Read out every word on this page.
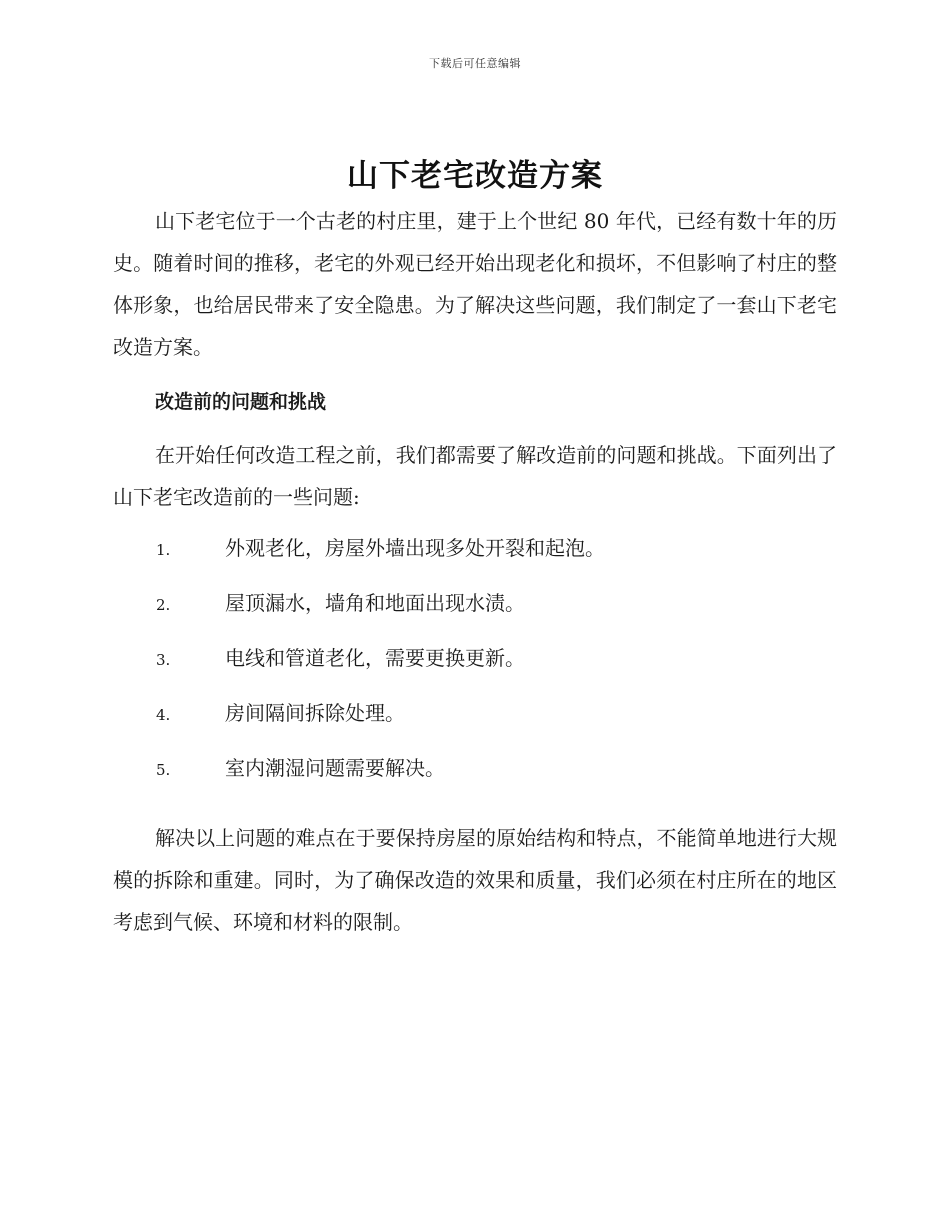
下载后可任意编辑
山下老宅改造方案

山下老宅位于一个古老的村庄里，建于上个世纪 80 年代，已经有数十年的历史。随着时间的推移，老宅的外观已经开始出现老化和损坏，不但影响了村庄的整体形象，也给居民带来了安全隐患。为了解决这些问题，我们制定了一套山下老宅改造方案。

改造前的问题和挑战

在开始任何改造工程之前，我们都需要了解改造前的问题和挑战。下面列出了山下老宅改造前的一些问题:

1.	外观老化，房屋外墙出现多处开裂和起泡。
2.	屋顶漏水，墙角和地面出现水渍。
3.	电线和管道老化，需要更换更新。
4.	房间隔间拆除处理。
5.	室内潮湿问题需要解决。

解决以上问题的难点在于要保持房屋的原始结构和特点，不能简单地进行大规模的拆除和重建。同时，为了确保改造的效果和质量，我们必须在村庄所在的地区考虑到气候、环境和材料的限制。
